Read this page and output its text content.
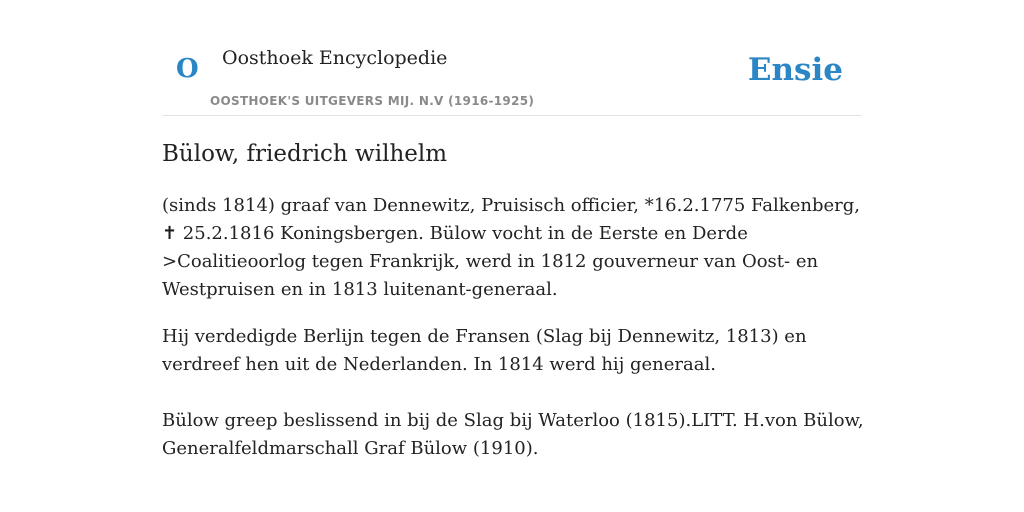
O Oosthoek Encyclopedie	Ensie
OOSTHOEK'S UITGEVERS MIJ. N.V (1916-1925)
Bülow, friedrich wilhelm

(sinds 1814) graaf van Dennewitz, Pruisisch officier, *16.2.1775 Falkenberg, ✝ 25.2.1816 Koningsbergen. Bülow vocht in de Eerste en Derde >Coalitieoorlog tegen Frankrijk, werd in 1812 gouverneur van Oost- en Westpruisen en in 1813 luitenant-generaal.

Hij verdedigde Berlijn tegen de Fransen (Slag bij Dennewitz, 1813) en verdreef hen uit de Nederlanden. In 1814 werd hij generaal.

Bülow greep beslissend in bij de Slag bij Waterloo (1815).LITT. H.von Bülow, Generalfeldmarschall Graf Bülow (1910).
